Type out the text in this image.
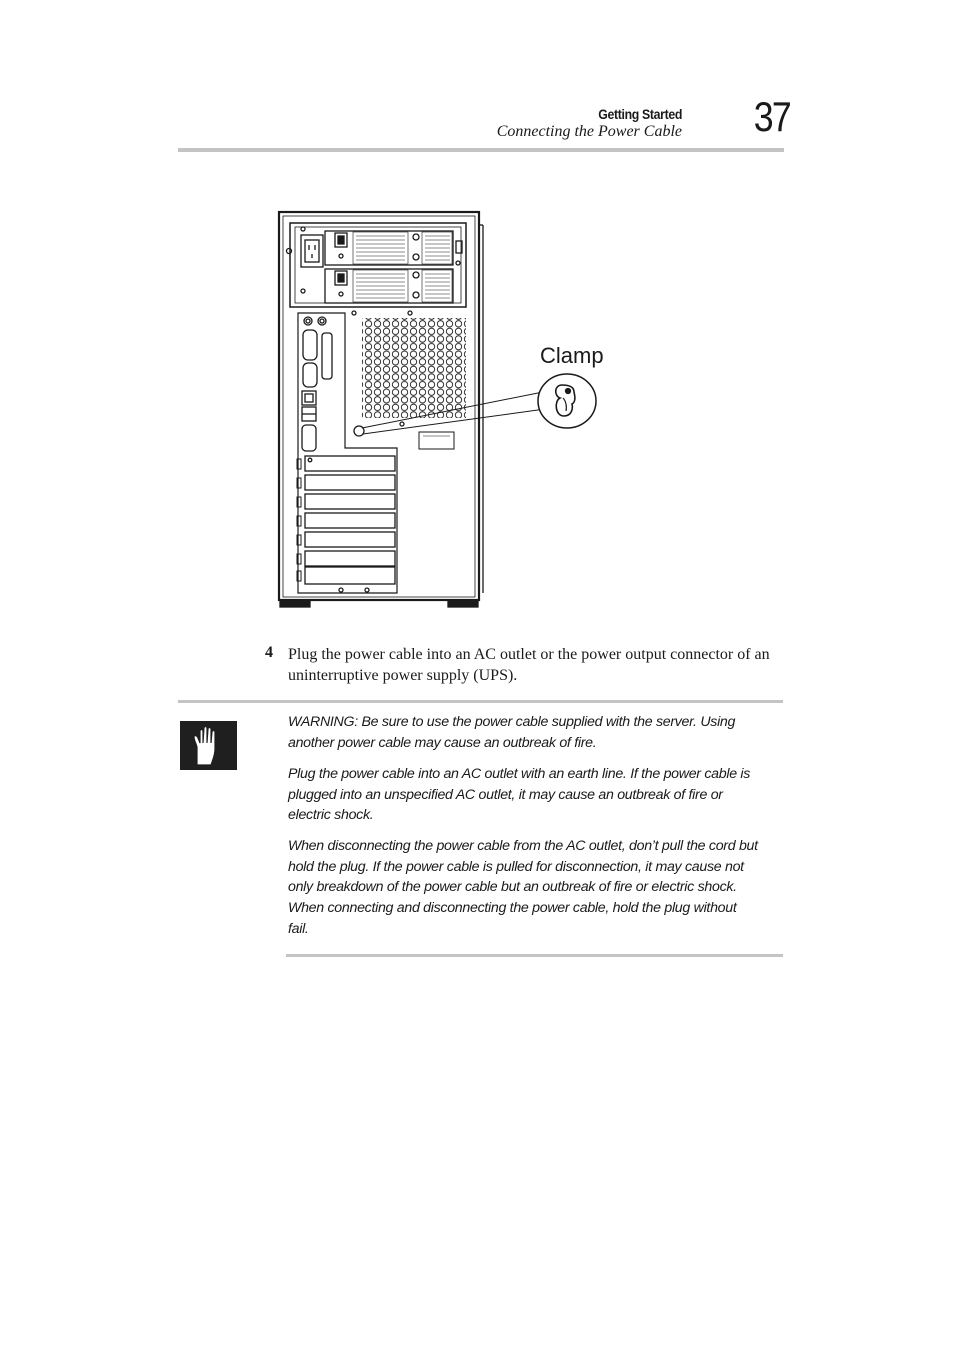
Getting Started
Connecting the Power Cable 37
Clamp
4 Plug the power cable into an AC outlet or the power output connector of an uninterruptive power supply (UPS).
WARNING: Be sure to use the power cable supplied with the server. Using another power cable may cause an outbreak of fire.
Plug the power cable into an AC outlet with an earth line. If the power cable is plugged into an unspecified AC outlet, it may cause an outbreak of fire or electric shock.
When disconnecting the power cable from the AC outlet, don’t pull the cord but hold the plug. If the power cable is pulled for disconnection, it may cause not only breakdown of the power cable but an outbreak of fire or electric shock. When connecting and disconnecting the power cable, hold the plug without fail.
